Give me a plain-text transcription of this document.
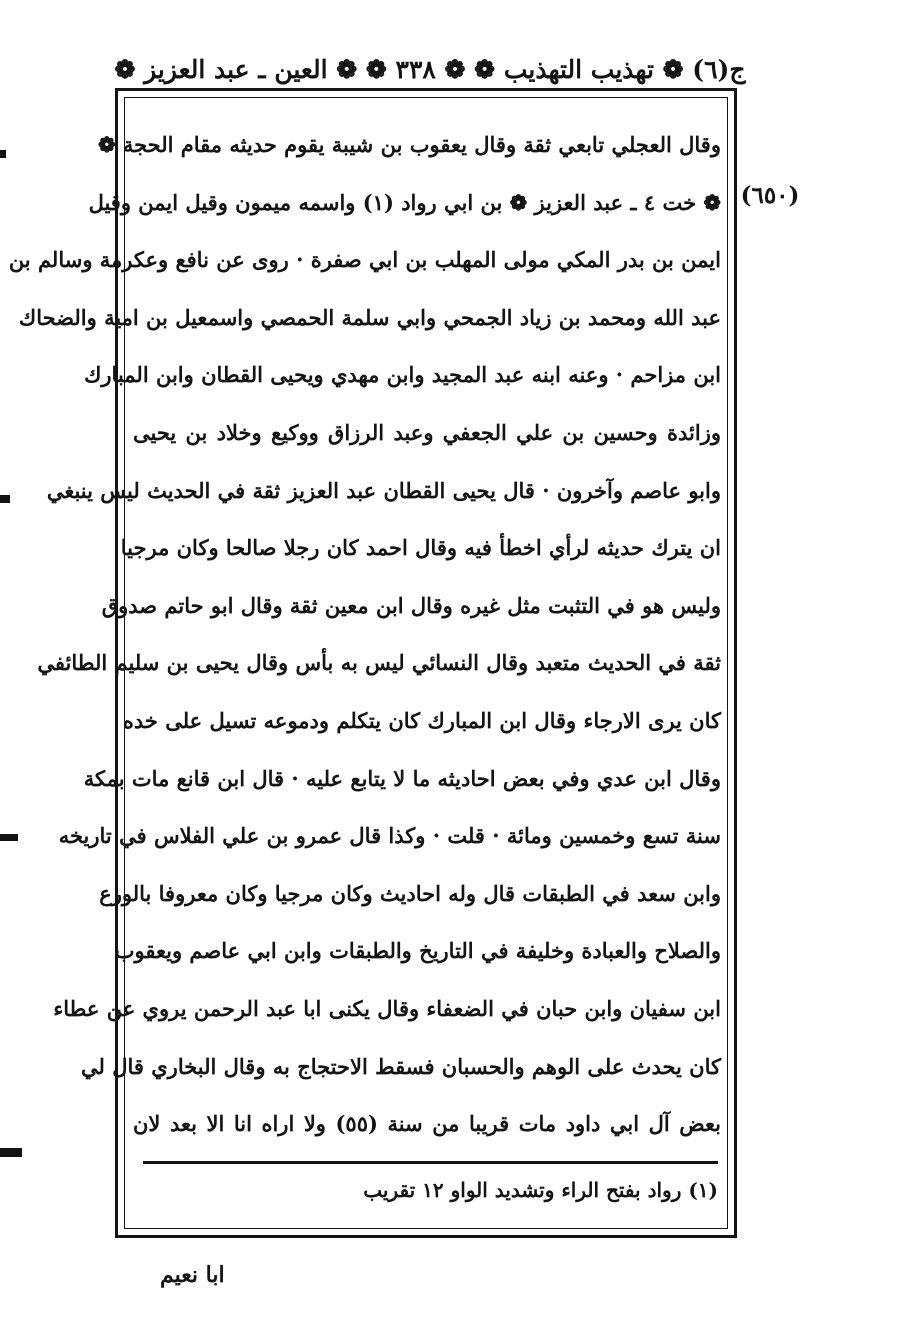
ج(٦) ❁ تهذيب التهذيب ❁ ❁ ٣٣٨ ❁ ❁ العين ـ عبد العزيز ❁
(٦٥٠)
وقال العجلي تابعي ثقة وقال يعقوب بن شيبة يقوم حديثه مقام الحجة ❁
❁ خت ٤ ـ عبد العزيز ❁ بن ابي رواد (١) واسمه ميمون وقيل ايمن وقيل
ايمن بن بدر المكي مولى المهلب بن ابي صفرة · روى عن نافع وعكرمة وسالم بن
عبد الله ومحمد بن زياد الجمحي وابي سلمة الحمصي واسمعيل بن امية والضحاك
ابن مزاحم · وعنه ابنه عبد المجيد وابن مهدي ويحيى القطان وابن المبارك
وزائدة وحسين بن علي الجعفي وعبد الرزاق ووكيع وخلاد بن يحيى
وابو عاصم وآخرون · قال يحيى القطان عبد العزيز ثقة في الحديث ليس ينبغي
ان يترك حديثه لرأي اخطأ فيه وقال احمد كان رجلا صالحا وكان مرجيا
وليس هو في التثبت مثل غيره وقال ابن معين ثقة وقال ابو حاتم صدوق
ثقة في الحديث متعبد وقال النسائي ليس به بأس وقال يحيى بن سليم الطائفي
كان يرى الارجاء وقال ابن المبارك كان يتكلم ودموعه تسيل على خده
وقال ابن عدي وفي بعض احاديثه ما لا يتابع عليه · قال ابن قانع مات بمكة
سنة تسع وخمسين ومائة · قلت · وكذا قال عمرو بن علي الفلاس في تاريخه
وابن سعد في الطبقات قال وله احاديث وكان مرجيا وكان معروفا بالورع
والصلاح والعبادة وخليفة في التاريخ والطبقات وابن ابي عاصم ويعقوب
ابن سفيان وابن حبان في الضعفاء وقال يكنى ابا عبد الرحمن يروي عن عطاء
كان يحدث على الوهم والحسبان فسقط الاحتجاج به وقال البخاري قال لي
بعض آل ابي داود مات قريبا من سنة (٥٥) ولا اراه انا الا بعد لان
(١) رواد بفتح الراء وتشديد الواو ١٢ تقريب
ابا نعيم
